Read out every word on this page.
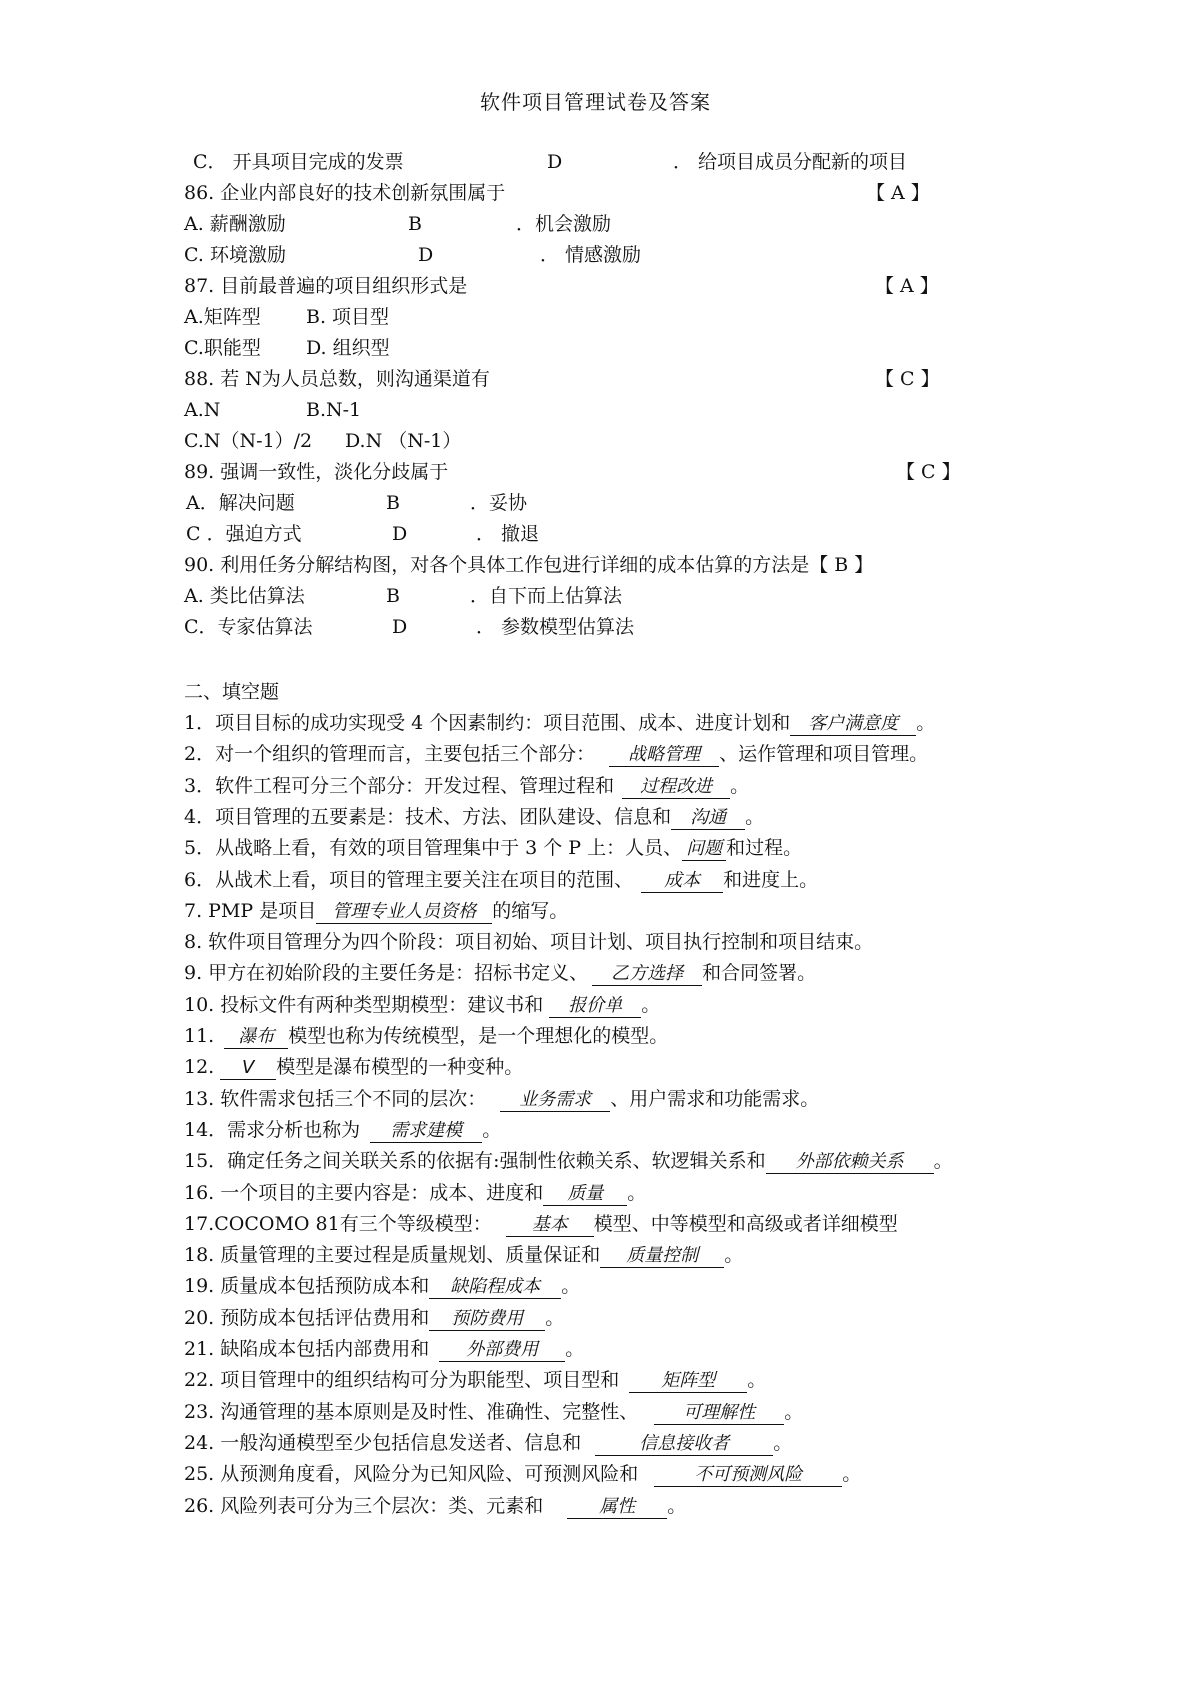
软件项目管理试卷及答案
C． 开具项目完成的发票	D	． 给项目成员分配新的项目
86. 企业内部良好的技术创新氛围属于	【 A 】
A. 薪酬激励	B	．机会激励
C. 环境激励	D	． 情感激励
87. 目前最普遍的项目组织形式是	【 A 】
A.矩阵型 B. 项目型
C.职能型 D. 组织型
88. 若 N为人员总数，则沟通渠道有	【 C 】
A.N	B.N-1
C.N（N-1）/2 D.N （N-1）
89. 强调一致性，淡化分歧属于	【 C 】
A．解决问题	B	．妥协
C ．强迫方式	D	． 撤退
90. 利用任务分解结构图，对各个具体工作包进行详细的成本估算的方法是【 B 】
A. 类比估算法	B	．自下而上估算法
C．专家估算法	D	． 参数模型估算法
二、填空题
1．项目目标的成功实现受 4 个因素制约：项目范围、成本、进度计划和 客户满意度 。
2．对一个组织的管理而言，主要包括三个部分： 战略管理 、运作管理和项目管理。
3．软件工程可分三个部分：开发过程、管理过程和 过程改进 。
4．项目管理的五要素是：技术、方法、团队建设、信息和 沟通 。
5．从战略上看，有效的项目管理集中于 3 个 P 上：人员、 问题 和过程。
6．从战术上看，项目的管理主要关注在项目的范围、 成本 和进度上。
7. PMP 是项目 管理专业人员资格 的缩写。
8. 软件项目管理分为四个阶段：项目初始、项目计划、项目执行控制和项目结束。
9. 甲方在初始阶段的主要任务是：招标书定义、 乙方选择 和合同签署。
10. 投标文件有两种类型期模型：建议书和 报价单 。
11. 瀑布 模型也称为传统模型，是一个理想化的模型。
12. V 模型是瀑布模型的一种变种。
13. 软件需求包括三个不同的层次： 业务需求 、用户需求和功能需求。
14．需求分析也称为 需求建模 。
15．确定任务之间关联关系的依据有:强制性依赖关系、软逻辑关系和 外部依赖关系 。
16. 一个项目的主要内容是：成本、进度和 质量 。
17.COCOMO 81有三个等级模型： 基本 模型、中等模型和高级或者详细模型
18. 质量管理的主要过程是质量规划、质量保证和 质量控制 。
19. 质量成本包括预防成本和 缺陷程成本 。
20. 预防成本包括评估费用和 预防费用 。
21. 缺陷成本包括内部费用和 外部费用 。
22. 项目管理中的组织结构可分为职能型、项目型和 矩阵型 。
23. 沟通管理的基本原则是及时性、准确性、完整性、	可理解性 。
24. 一般沟通模型至少包括信息发送者、信息和	信息接收者 。
25. 从预测角度看，风险分为已知风险、可预测风险和	不可预测风险 。
26. 风险列表可分为三个层次：类、元素和	属性 。
